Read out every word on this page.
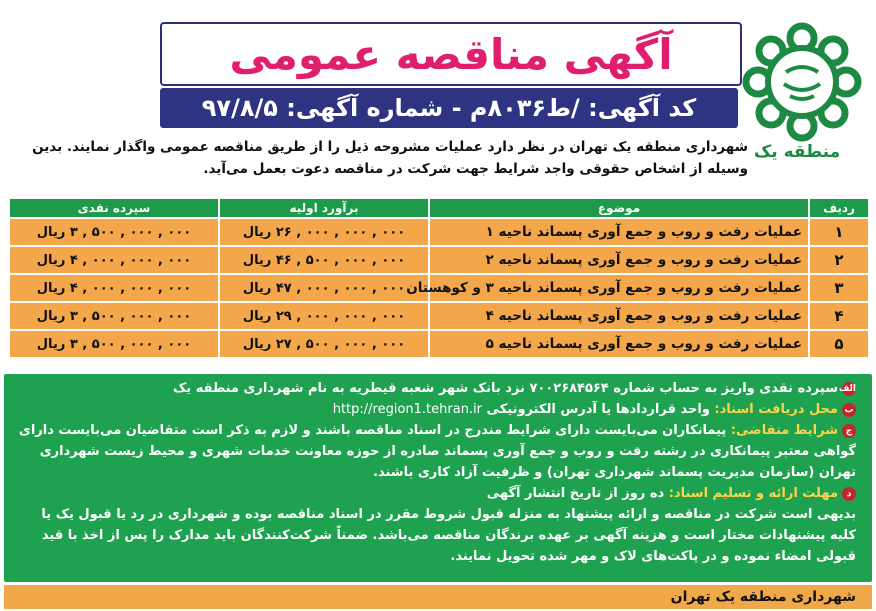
منطقه یک
آگهی مناقصه عمومی
کد آگهی: /ط۸۰۳۶م - شماره آگهی: ۹۷/۸/۵
شهرداری منطقه یک تهران در نظر دارد عملیات مشروحه ذیل را از طریق مناقصه عمومی واگذار نمایند. بدین وسیله از اشخاص حقوقی واجد شرایط جهت شرکت در مناقصه دعوت بعمل می‌آید.
ردیف	موضوع	برآورد اولیه	سپرده نقدی
۱	عملیات رفت و روب و جمع آوری پسماند ناحیه ۱	۰۰۰ , ۰۰۰ , ۰۰۰ , ۲۶ ریال	۰۰۰ , ۰۰۰ , ۵۰۰ , ۳ ریال
۲	عملیات رفت و روب و جمع آوری پسماند ناحیه ۲	۰۰۰ , ۰۰۰ , ۵۰۰ , ۴۶ ریال	۰۰۰ , ۰۰۰ , ۰۰۰ , ۴ ریال
۳	عملیات رفت و روب و جمع آوری پسماند ناحیه ۳ و کوهستان	۰۰۰ , ۰۰۰ , ۰۰۰ , ۴۷ ریال	۰۰۰ , ۰۰۰ , ۰۰۰ , ۴ ریال
۴	عملیات رفت و روب و جمع آوری پسماند ناحیه ۴	۰۰۰ , ۰۰۰ , ۰۰۰ , ۲۹ ریال	۰۰۰ , ۰۰۰ , ۵۰۰ , ۳ ریال
۵	عملیات رفت و روب و جمع آوری پسماند ناحیه ۵	۰۰۰ , ۰۰۰ , ۵۰۰ , ۲۷ ریال	۰۰۰ , ۰۰۰ , ۵۰۰ , ۳ ریال

الفسپرده نقدی واریز به حساب شماره ۷۰۰۲۶۸۴۵۶۴ نزد بانک شهر شعبه قیطریه به نام شهرداری منطقه یک

بمحل دریافت اسناد: واحد قراردادها یا آدرس الکترونیکی http://region1.tehran.ir

جشرایط متقاضی: پیمانکاران می‌بایست دارای شرایط مندرج در اسناد مناقصه باشند و لازم به ذکر است متقاضیان می‌بایست دارای گواهی معتبر پیمانکاری در رشته رفت و روب و جمع آوری پسماند صادره از حوزه معاونت خدمات شهری و محیط زیست شهرداری تهران (سازمان مدیریت پسماند شهرداری تهران) و ظرفیت آزاد کاری باشند.

دمهلت ارائه و تسلیم اسناد: ده روز از تاریخ انتشار آگهی

بدیهی است شرکت در مناقصه و ارائه پیشنهاد به منزله قبول شروط مقرر در اسناد مناقصه بوده و شهرداری در رد یا قبول یک یا کلیه پیشنهادات مختار است و هزینه آگهی بر عهده برندگان مناقصه می‌باشد. ضمناً شرکت‌کنندگان باید مدارک را پس از اخذ با قید قبولی امضاء نموده و در پاکت‌های لاک و مهر شده تحویل نمایند.

شهرداری منطقه یک تهران
